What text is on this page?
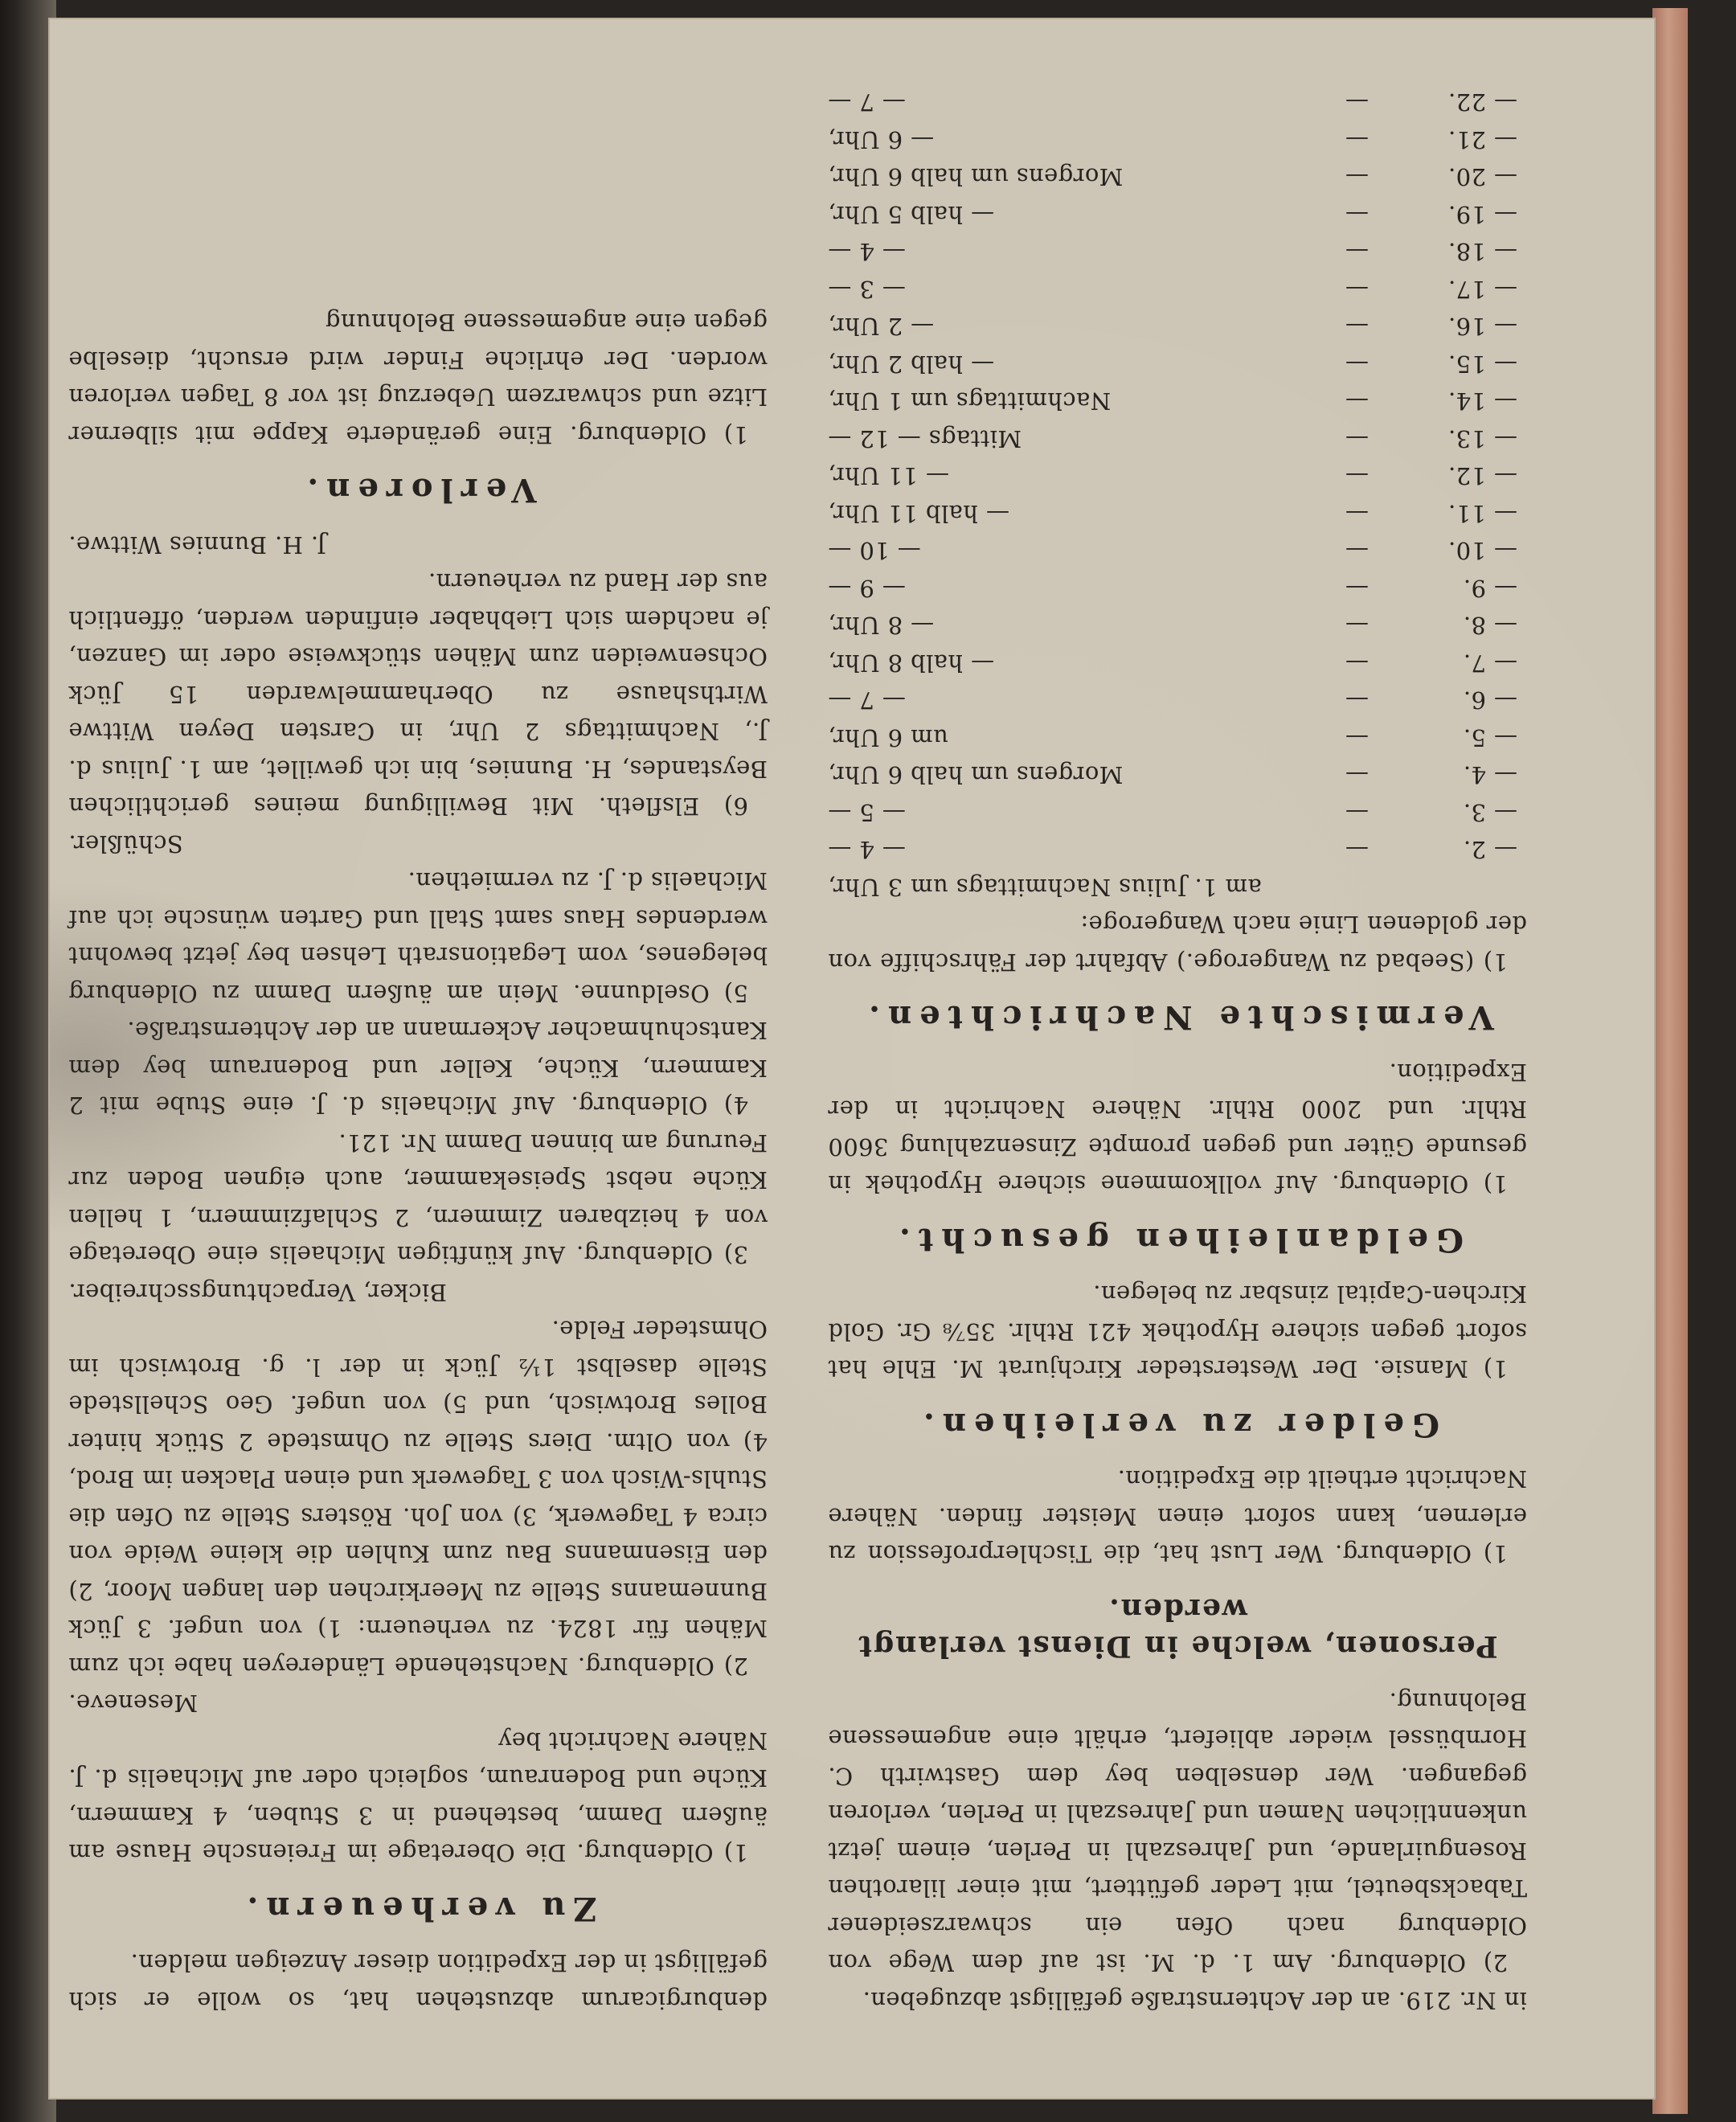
denburgicarum abzustehen hat, so wolle er sich gefälligst in der Expedition dieser Anzeigen melden.
Zu verheuern.
1) Oldenburg. Die Oberetage im Freiensche Hause am äußern Damm, bestehend in 3 Stuben, 4 Kammern, Küche und Bodenraum, sogleich oder auf Michaelis d. J. Nähere Nachricht bey
Meseneve.
2) Oldenburg. Nachstehende Ländereyen habe ich zum Mähen für 1824. zu verheuern: 1) von ungef. 3 Jück Bunnemanns Stelle zu Meerkirchen den langen Moor, 2) den Eisenmanns Bau zum Kuhlen die kleine Weide von circa 4 Tagewerk, 3) von Joh. Rösters Stelle zu Ofen die Stuhls-Wisch von 3 Tagewerk und einen Placken im Brod, 4) von Oltm. Diers Stelle zu Ohmstede 2 Stück hinter Bolles Brotwisch, und 5) von ungef. Geo Schellstede Stelle daselbst 1½ Jück in der l. g. Brotwisch im Ohmsteder Felde.
Bicker, Verpachtungsschreiber.
3) Oldenburg. Auf künftigen Michaelis eine Oberetage von 4 heizbaren Zimmern, 2 Schlafzimmern, 1 hellen Küche nebst Speisekammer, auch eignen Boden zur Feurung am binnen Damm Nr. 121.
4) Oldenburg. Auf Michaelis d. J. eine Stube mit 2 Kammern, Küche, Keller und Bodenraum bey dem Kantschuhmacher Ackermann an der Achternstraße.
5) Oseldunne. Mein am äußern Damm zu Oldenburg belegenes, vom Legationsrath Lehsen bey jetzt bewohnt werdendes Haus samt Stall und Garten wünsche ich auf Michaelis d. J. zu vermiethen.
Schüßler.
6) Elsfleth. Mit Bewilligung meines gerichtlichen Beystandes, H. Bunnies, bin ich gewillet, am 1. Julius d. J., Nachmittags 2 Uhr, in Carsten Deyen Wittwe Wirthshause zu Oberhammelwarden 15 Jück Ochsenweiden zum Mähen stückweise oder im Ganzen, je nachdem sich Liebhaber einfinden werden, öffentlich aus der Hand zu verheuern.
J. H. Bunnies Wittwe.
Verloren.
1) Oldenburg. Eine geränderte Kappe mit silberner Litze und schwarzem Ueberzug ist vor 8 Tagen verloren worden. Der ehrliche Finder wird ersucht, dieselbe gegen eine angemessene Belohnung
in Nr. 219. an der Achternstraße gefälligst abzugeben.
2) Oldenburg. Am 1. d. M. ist auf dem Wege von Oldenburg nach Ofen ein schwarzseidener Tabacksbeutel, mit Leder gefüttert, mit einer lilarothen Rosenguirlande, und Jahreszahl in Perlen, einem jetzt unkenntlichen Namen und Jahreszahl in Perlen, verloren gegangen. Wer denselben bey dem Gastwirth C. Hornbüssel wieder abliefert, erhält eine angemessene Belohnung.
Personen, welche in Dienst verlangt werden.
1) Oldenburg. Wer Lust hat, die Tischlerprofession zu erlernen, kann sofort einen Meister finden. Nähere Nachricht ertheilt die Expedition.
Gelder zu verleihen.
1) Mansie. Der Westersteder Kirchjurat M. Ehle hat sofort gegen sichere Hypothek 421 Rthlr. 35⅞ Gr. Gold Kirchen-Capital zinsbar zu belegen.
Geldanleihen gesucht.
1) Oldenburg. Auf vollkommene sichere Hypothek in gesunde Güter und gegen prompte Zinsenzahlung 3600 Rthlr. und 2000 Rthlr. Nähere Nachricht in der Expedition.
Vermischte Nachrichten.
1) (Seebad zu Wangeroge.) Abfahrt der Fährschiffe von der goldenen Linie nach Wangeroge:
am 1. Julius Nachmittags um 3 Uhr,
— 2.
—
— 4 —
— 3.
—
— 5 —
— 4.
—
Morgens um halb 6 Uhr,
— 5.
—
um 6 Uhr,
— 6.
—
— 7 —
— 7.
—
— halb 8 Uhr,
— 8.
—
— 8 Uhr,
— 9.
—
— 9 —
— 10.
—
— 10 —
— 11.
—
— halb 11 Uhr,
— 12.
—
— 11 Uhr,
— 13.
—
Mittags — 12 —
— 14.
—
Nachmittags um 1 Uhr,
— 15.
—
— halb 2 Uhr,
— 16.
—
— 2 Uhr,
— 17.
—
— 3 —
— 18.
—
— 4 —
— 19.
—
— halb 5 Uhr,
— 20.
—
Morgens um halb 6 Uhr,
— 21.
—
— 6 Uhr,
— 22.
—
— 7 —
